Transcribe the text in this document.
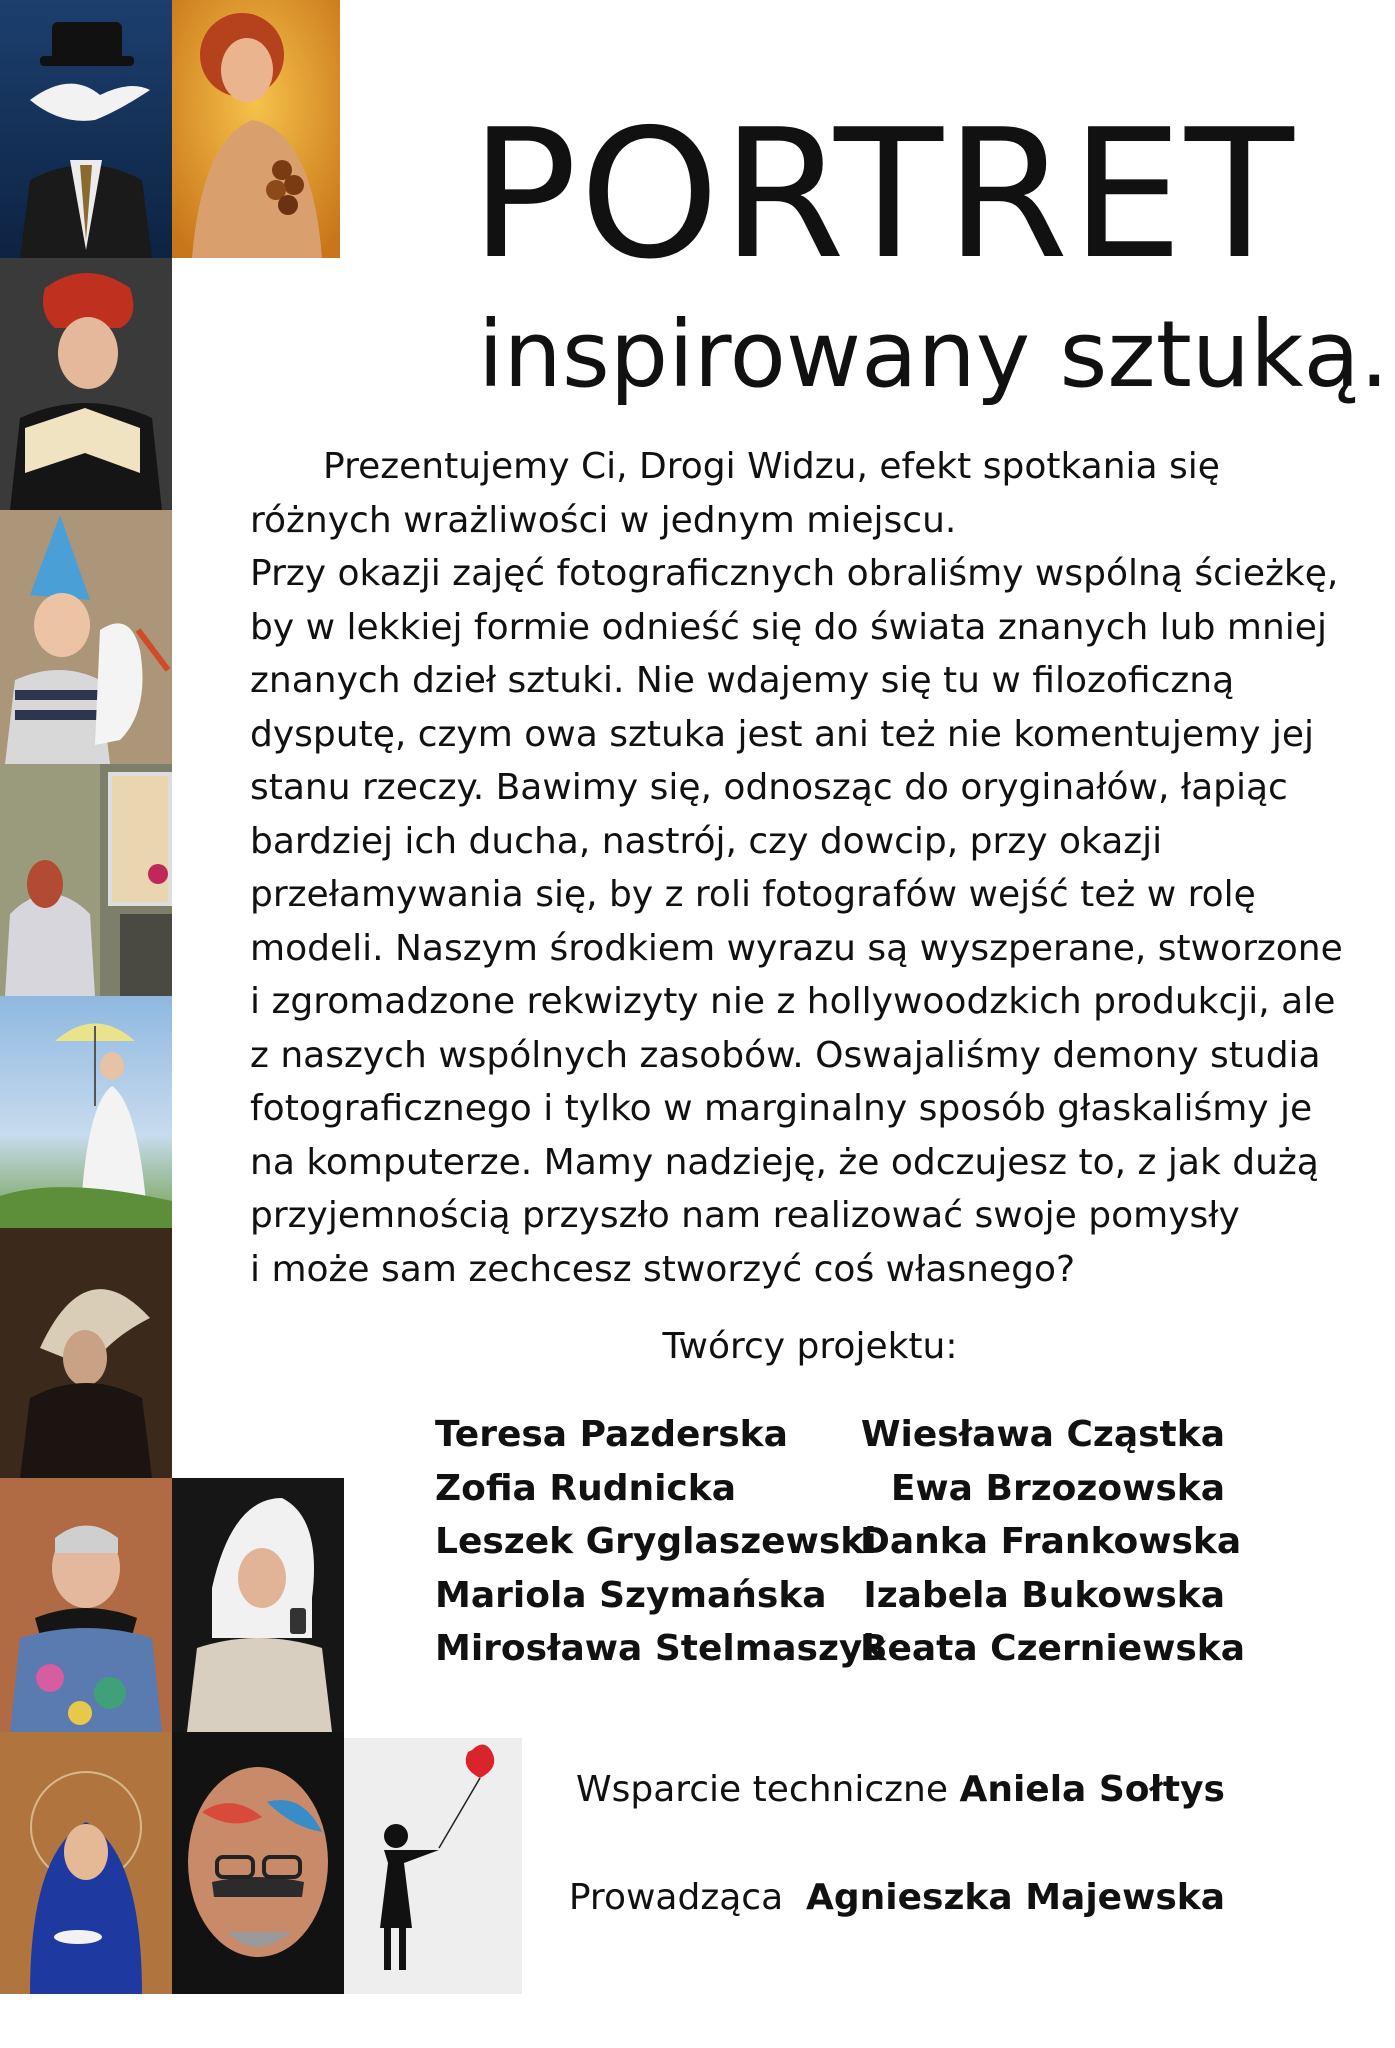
PORTRET
inspirowany sztuką.
Prezentujemy Ci, Drogi Widzu, efekt spotkania się
różnych wrażliwości w jednym miejscu.
Przy okazji zajęć fotograficznych obraliśmy wspólną ścieżkę,
by w lekkiej formie odnieść się do świata znanych lub mniej
znanych dzieł sztuki. Nie wdajemy się tu w filozoficzną
dysputę, czym owa sztuka jest ani też nie komentujemy jej
stanu rzeczy. Bawimy się, odnosząc do oryginałów, łapiąc
bardziej ich ducha, nastrój, czy dowcip, przy okazji
przełamywania się, by z roli fotografów wejść też w rolę
modeli. Naszym środkiem wyrazu są wyszperane, stworzone
i zgromadzone rekwizyty nie z hollywoodzkich produkcji, ale
z naszych wspólnych zasobów. Oswajaliśmy demony studia
fotograficznego i tylko w marginalny sposób głaskaliśmy je
na komputerze. Mamy nadzieję, że odczujesz to, z jak dużą
przyjemnością przyszło nam realizować swoje pomysły
i może sam zechcesz stworzyć coś własnego?
Twórcy projektu:
Teresa Pazderska
Zofia Rudnicka
Leszek Gryglaszewski
Mariola Szymańska
Mirosława Stelmaszyk
Wiesława Cząstka
Ewa Brzozowska
Danka Frankowska
Izabela Bukowska
Beata Czerniewska
Wsparcie techniczne Aniela Sołtys
Prowadząca Agnieszka Majewska
